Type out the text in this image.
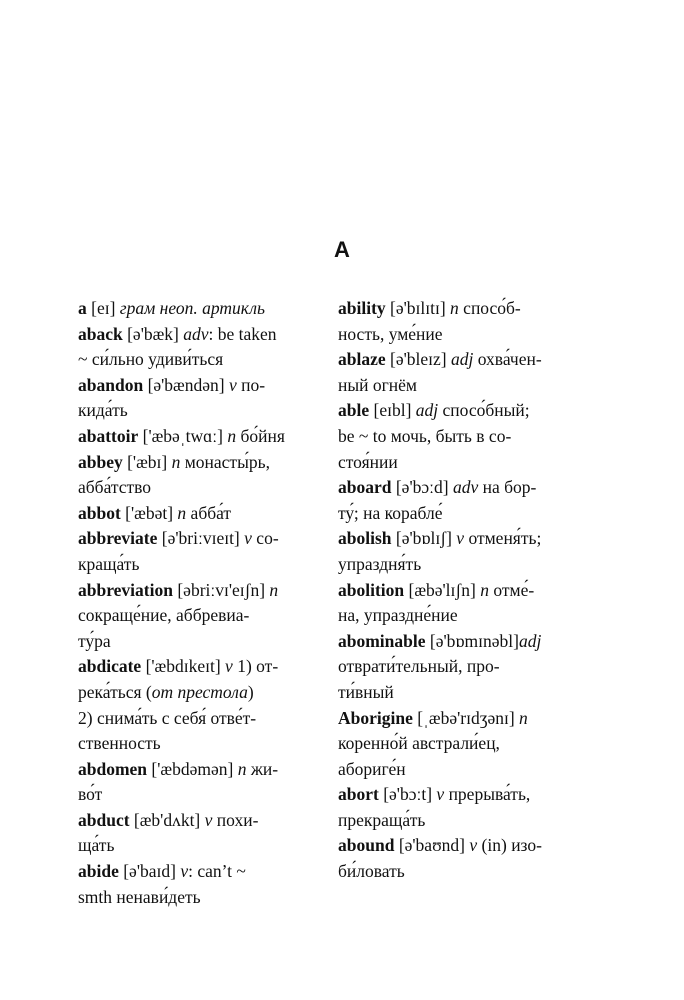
A
a [eɪ] грам неоп. артикль
aback [ə'bæk] adv: be taken
~ си́льно удиви́ться
abandon [ə'bændən] v по-
кида́ть
abattoir ['æbəˌtwɑː] n бо́йня
abbey ['æbɪ] n монасты́рь,
абба́тство
abbot ['æbət] n абба́т
abbreviate [ə'briːvɪeɪt] v со-
краща́ть
abbreviation [əbriːvɪ'eɪʃn] n
сокраще́ние, аббревиа-
ту́ра
abdicate ['æbdɪkeɪt] v 1) от-
река́ться (от престола)
2) снима́ть с себя́ отве́т-
ственность
abdomen ['æbdəmən] n жи-
во́т
abduct [æb'dʌkt] v похи-
ща́ть
abide [ə'baɪd] v: can’t ~
smth ненави́деть
ability [ə'bɪlɪtɪ] n спосо́б-
ность, уме́ние
ablaze [ə'bleɪz] adj охва́чен-
ный огнём
able [eɪbl] adj спосо́бный;
be ~ to мочь, быть в со-
стоя́нии
aboard [ə'bɔːd] adv на бор-
ту́; на корабле́
abolish [ə'bɒlɪʃ] v отменя́ть;
упраздня́ть
abolition [æbə'lɪʃn] n отме́-
на, упраздне́ние
abominable [ə'bɒmɪnəbl]adj
отврати́тельный, про-
ти́вный
Aborigine [ˌæbə'rɪdʒənɪ] n
коренно́й австрали́ец,
абориге́н
abort [ə'bɔːt] v прерыва́ть,
прекраща́ть
abound [ə'baʊnd] v (in) изо-
би́ловать
